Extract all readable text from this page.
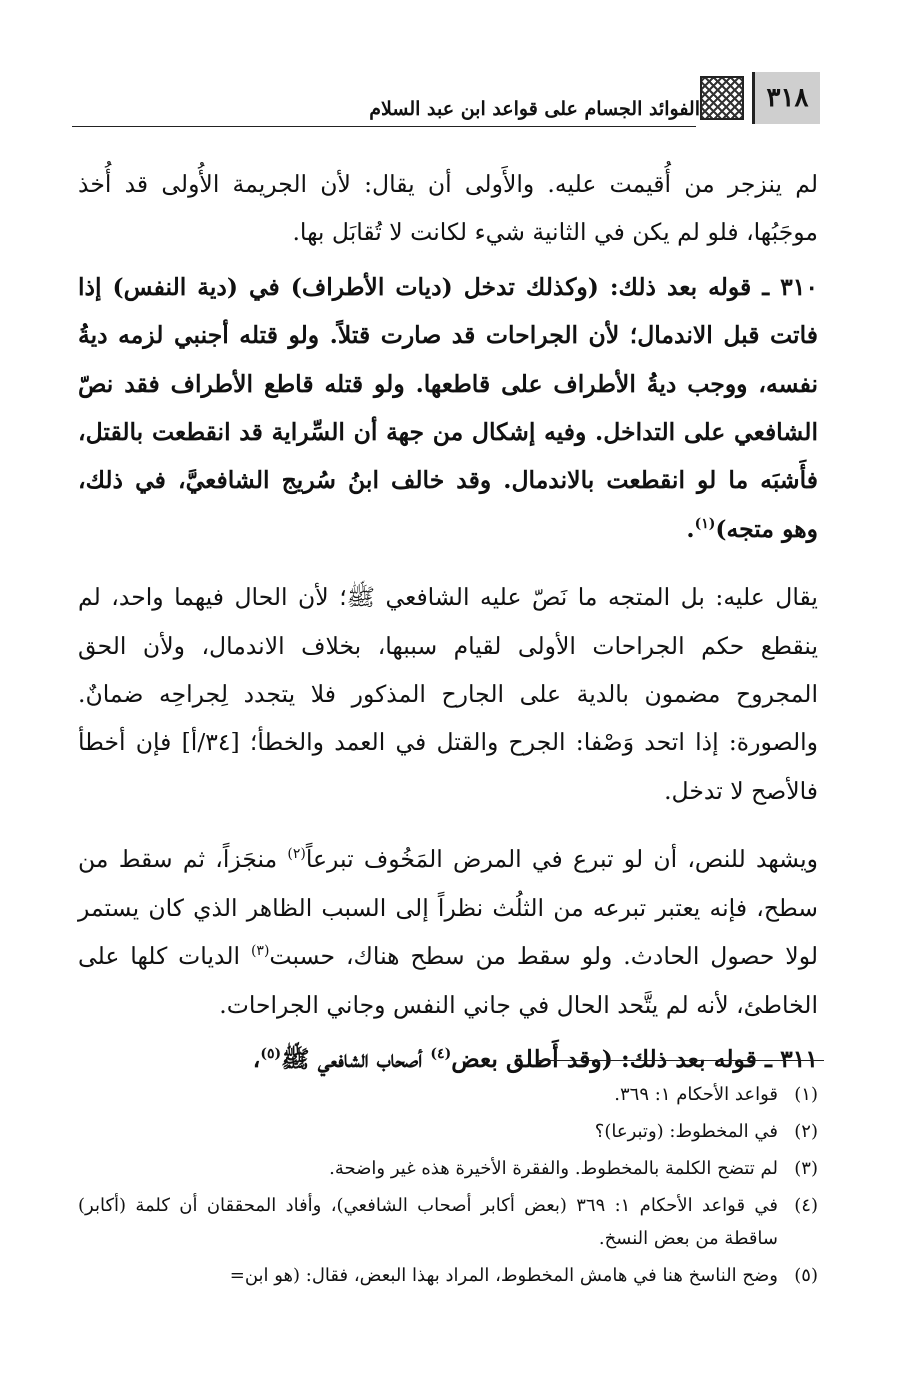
الفوائد الجسام على قواعد ابن عبد السلام	٣١٨

لم ينزجر من أُقيمت عليه. والأَولى أن يقال: لأن الجريمة الأُولى قد أُخذ موجَبُها، فلو لم يكن في الثانية شيء لكانت لا تُقابَل بها.

٣١٠ ـ قوله بعد ذلك: (وكذلك تدخل (ديات الأطراف) في (دية النفس) إذا فاتت قبل الاندمال؛ لأن الجراحات قد صارت قتلاً. ولو قتله أجنبي لزمه ديةُ نفسه، ووجب ديةُ الأطراف على قاطعها. ولو قتله قاطع الأطراف فقد نصّ الشافعي على التداخل. وفيه إشكال من جهة أن السِّراية قد انقطعت بالقتل، فأَشبَه ما لو انقطعت بالاندمال. وقد خالف ابنُ سُريج الشافعيَّ، في ذلك، وهو متجه)$^{(١)}$.

يقال عليه: بل المتجه ما نَصّ عليه الشافعي ﷺ؛ لأن الحال فيهما واحد، لم ينقطع حكم الجراحات الأولى لقيام سببها، بخلاف الاندمال، ولأن الحق المجروح مضمون بالدية على الجارح المذكور فلا يتجدد لِجراحِه ضمانٌ. والصورة: إذا اتحد وَصْفا: الجرح والقتل في العمد والخطأ؛ [٣٤/أ] فإن أخطأ فالأصح لا تدخل.

ويشهد للنص، أن لو تبرع في المرض المَخُوف تبرعاً$^{(٢)}$ منجَزاً، ثم سقط من سطح، فإنه يعتبر تبرعه من الثلُث نظراً إلى السبب الظاهر الذي كان يستمر لولا حصول الحادث. ولو سقط من سطح هناك، حسبت$^{(٣)}$ الديات كلها على الخاطئ، لأنه لم يتَّحد الحال في جاني النفس وجاني الجراحات.

٣١١ ـ قوله بعد ذلك: (وقد أَطلق بعض$^{(٤)}$ أصحاب الشافعي ﷺ$^{(٥)}$،

(١)
قواعد الأحكام ١: ٣٦٩.
(٢)
في المخطوط: (وتبرعا)؟
(٣)
لم تتضح الكلمة بالمخطوط. والفقرة الأخيرة هذه غير واضحة.
(٤)
في قواعد الأحكام ١: ٣٦٩ (بعض أكابر أصحاب الشافعي)، وأفاد المحققان أن كلمة (أكابر) ساقطة من بعض النسخ.
(٥)
وضح الناسخ هنا في هامش المخطوط، المراد بهذا البعض، فقال: (هو ابن=
